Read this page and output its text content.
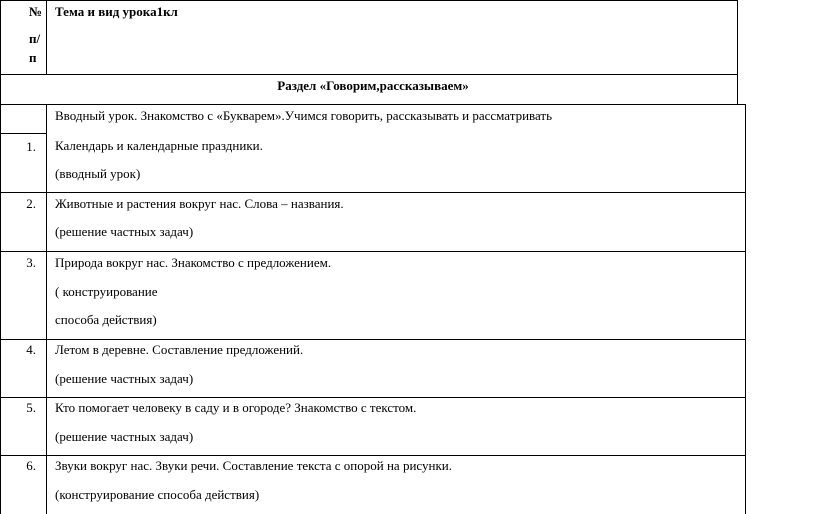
№
п/
п
Тема и вид урока1кл
Раздел «Говорим,рассказываем»
Вводный урок. Знакомство с «Букварем».Учимся говорить, рассказывать и рассматривать
1. Календарь и календарные праздники.
(вводный урок)
2. Животные и растения вокруг нас. Слова – названия.
(решение частных задач)
3. Природа вокруг нас. Знакомство с предложением.
( конструирование
способа действия)
4. Летом в деревне. Составление предложений.
(решение частных задач)
5. Кто помогает человеку в саду и в огороде? Знакомство с текстом.
(решение частных задач)
6. Звуки вокруг нас. Звуки речи. Составление текста с опорой на рисунки.
(конструирование способа действия)
